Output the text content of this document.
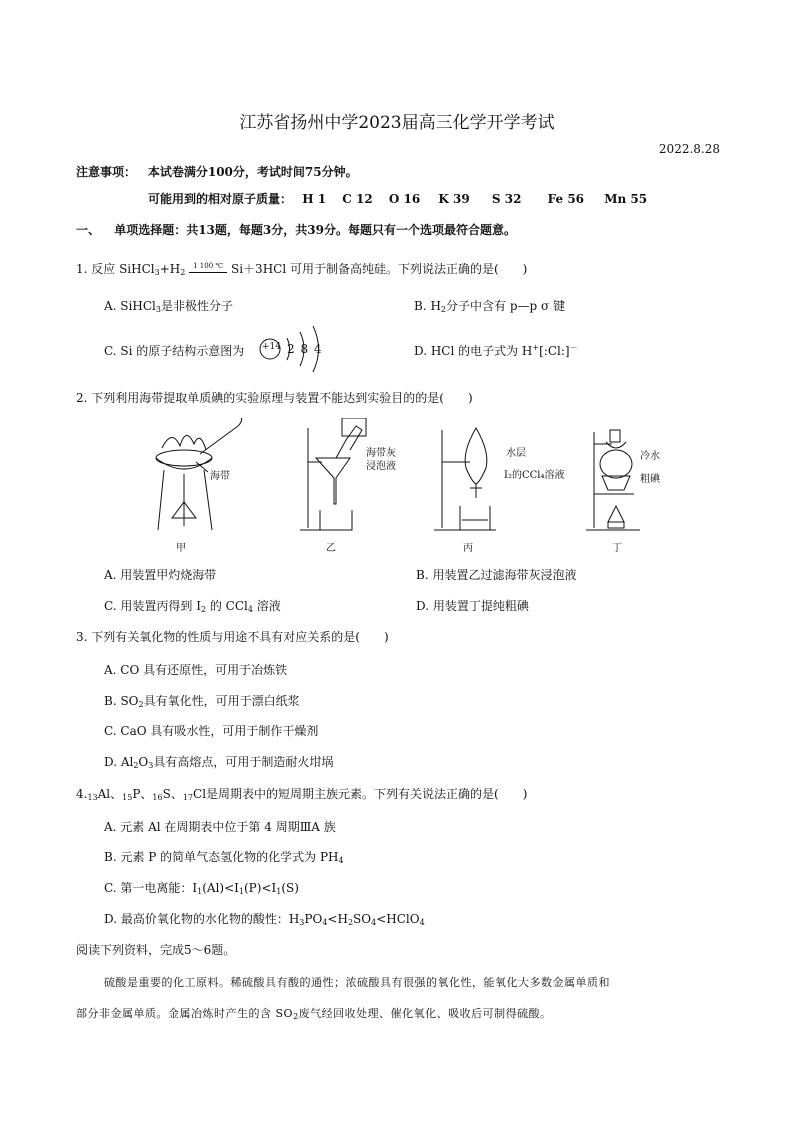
江苏省扬州中学2023届高三化学开学考试
2022.8.28
注意事项： 本试卷满分100分，考试时间75分钟。
可能用到的相对原子质量： H 1 C 12 O 16 K 39 S 32 Fe 56 Mn 55
一、 单项选择题：共13题，每题3分，共39分。每题只有一个选项最符合题意。
1. 反应 $SiHCl_3+H_2$
1 100 ℃ Si＋3HCl 可用于制备高纯硅。下列说法正确的是(　　)
A. SiHCl$_3$是非极性分子	B. $H_2$分子中含有 p—p σ 键
C. Si 的原子结构示意图为 +14 2 8 4	D. HCl 的电子式为 H+[:Cl:]－
2. 下列利用海带提取单质碘的实验原理与装置不能达到实验目的的是(　　)
海带
海带灰
浸泡液
水层
I₂的CCl₄溶液
冷水
粗碘
甲	乙	丙	丁
A. 用装置甲灼烧海带	B. 用装置乙过滤海带灰浸泡液
C. 用装置丙得到 $I_2$ 的 CCl$_4$ 溶液	D. 用装置丁提纯粗碘
3. 下列有关氧化物的性质与用途不具有对应关系的是(　　)
A. CO 具有还原性，可用于冶炼铁
B. $SO_2$具有氧化性，可用于漂白纸浆
C. CaO 具有吸水性，可用于制作干燥剂
D. $Al_2O_3$具有高熔点，可用于制造耐火坩埚
$4._{13}Al$、$_{15}$P、$_{16}$S、$_{17}$Cl是周期表中的短周期主族元素。下列有关说法正确的是(　　)
A. 元素 Al 在周期表中位于第 4 周期ⅢA 族
B. 元素 P 的简单气态氢化物的化学式为 $PH_4$
C. 第一电离能：$I_1(Al)<I_1(P)<I_1(S)$
D. 最高价氧化物的水化物的酸性：$H_3PO_4<H_2SO_4<HClO_4$
阅读下列资料，完成5～6题。
硫酸是重要的化工原料。稀硫酸具有酸的通性；浓硫酸具有很强的氧化性，能氧化大多数金属单质和
部分非金属单质。金属冶炼时产生的含 $SO_2$废气经回收处理、催化氧化、吸收后可制得硫酸。
